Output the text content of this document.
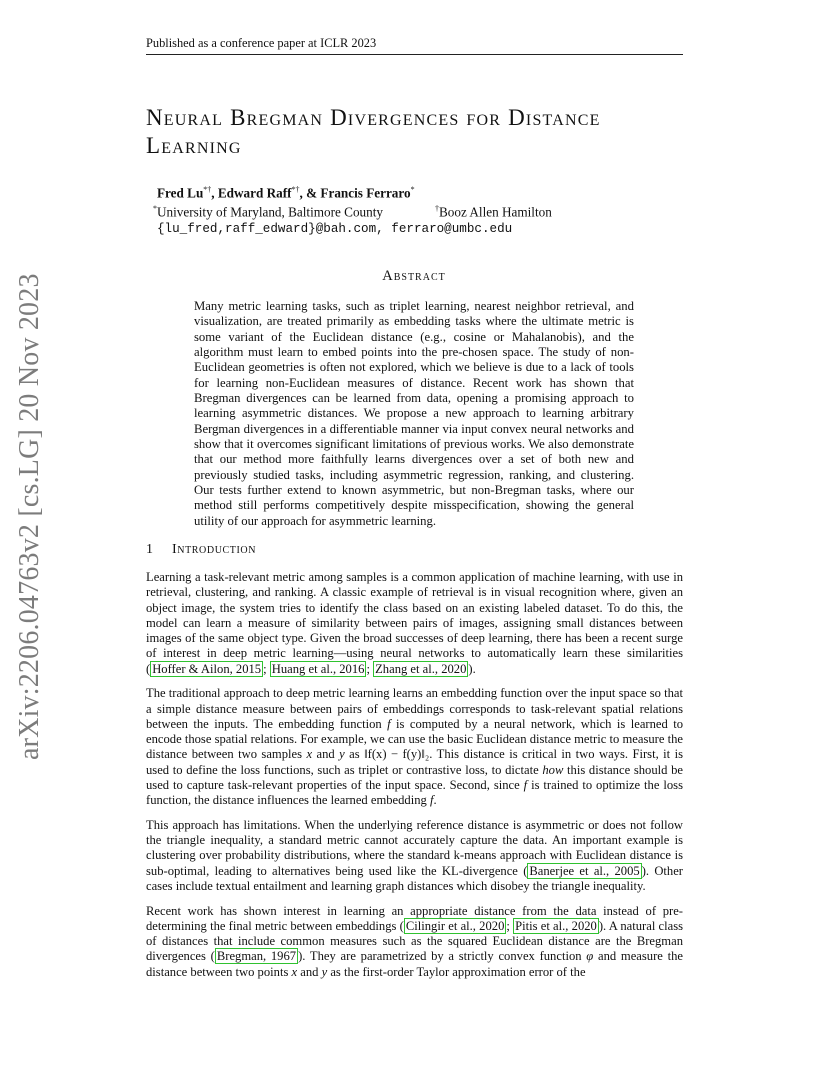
Published as a conference paper at ICLR 2023
arXiv:2206.04763v2 [cs.LG] 20 Nov 2023
Neural Bregman Divergences for Distance Learning
Fred Lu*†, Edward Raff*†, & Francis Ferraro*
*University of Maryland, Baltimore County	†Booz Allen Hamilton
{lu_fred,raff_edward}@bah.com, ferraro@umbc.edu
Abstract
Many metric learning tasks, such as triplet learning, nearest neighbor retrieval, and visualization, are treated primarily as embedding tasks where the ultimate metric is some variant of the Euclidean distance (e.g., cosine or Mahalanobis), and the algorithm must learn to embed points into the pre-chosen space. The study of non-Euclidean geometries is often not explored, which we believe is due to a lack of tools for learning non-Euclidean measures of distance. Recent work has shown that Bregman divergences can be learned from data, opening a promising approach to learning asymmetric distances. We propose a new approach to learning arbitrary Bergman divergences in a differentiable manner via input convex neural networks and show that it overcomes significant limitations of previous works. We also demonstrate that our method more faithfully learns divergences over a set of both new and previously studied tasks, including asymmetric regression, ranking, and clustering. Our tests further extend to known asymmetric, but non-Bregman tasks, where our method still performs competitively despite misspecification, showing the general utility of our approach for asymmetric learning.
1 Introduction

Learning a task-relevant metric among samples is a common application of machine learning, with use in retrieval, clustering, and ranking. A classic example of retrieval is in visual recognition where, given an object image, the system tries to identify the class based on an existing labeled dataset. To do this, the model can learn a measure of similarity between pairs of images, assigning small distances between images of the same object type. Given the broad successes of deep learning, there has been a recent surge of interest in deep metric learning—using neural networks to automatically learn these similarities ( Hoffer & Ailon, 2015 ; Huang et al., 2016 ; Zhang et al., 2020 ).

The traditional approach to deep metric learning learns an embedding function over the input space so that a simple distance measure between pairs of embeddings corresponds to task-relevant spatial relations between the inputs. The embedding function f is computed by a neural network, which is learned to encode those spatial relations. For example, we can use the basic Euclidean distance metric to measure the distance between two samples x and y as ‖f(x) − f(y)‖₂. This distance is critical in two ways. First, it is used to define the loss functions, such as triplet or contrastive loss, to dictate how this distance should be used to capture task-relevant properties of the input space. Second, since f is trained to optimize the loss function, the distance influences the learned embedding f.

This approach has limitations. When the underlying reference distance is asymmetric or does not follow the triangle inequality, a standard metric cannot accurately capture the data. An important example is clustering over probability distributions, where the standard k-means approach with Euclidean distance is sub-optimal, leading to alternatives being used like the KL-divergence ( Banerjee et al., 2005 ). Other cases include textual entailment and learning graph distances which disobey the triangle inequality.

Recent work has shown interest in learning an appropriate distance from the data instead of pre-determining the final metric between embeddings ( Cilingir et al., 2020 ; Pitis et al., 2020 ). A natural class of distances that include common measures such as the squared Euclidean distance are the Bregman divergences ( Bregman, 1967 ). They are parametrized by a strictly convex function φ and measure the distance between two points x and y as the first-order Taylor approximation error of the
